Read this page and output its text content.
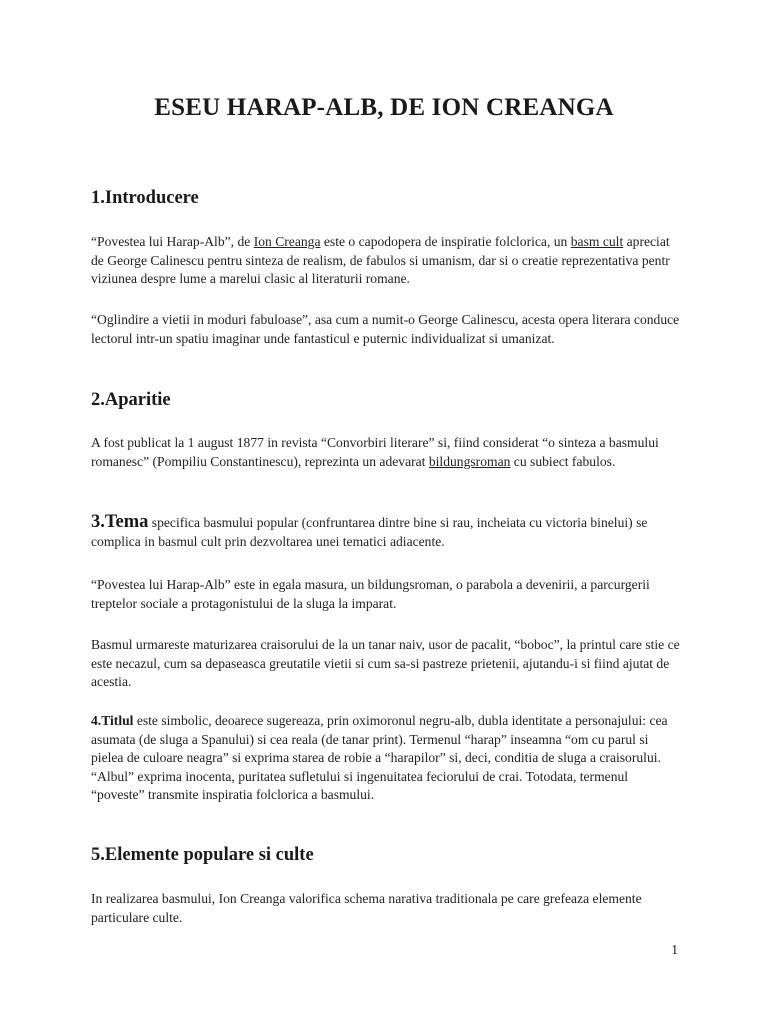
ESEU HARAP-ALB, DE ION CREANGA
1.Introducere

“Povestea lui Harap-Alb”, de Ion Creanga este o capodopera de inspiratie folclorica, un basm cult apreciat de George Calinescu pentru sinteza de realism, de fabulos si umanism, dar si o creatie reprezentativa pentr viziunea despre lume a marelui clasic al literaturii romane.

“Oglindire a vietii in moduri fabuloase”, asa cum a numit-o George Calinescu, acesta opera literara conduce lectorul intr-un spatiu imaginar unde fantasticul e puternic individualizat si umanizat.

2.Aparitie

A fost publicat la 1 august 1877 in revista “Convorbiri literare” si, fiind considerat “o sinteza a basmului romanesc” (Pompiliu Constantinescu), reprezinta un adevarat bildungsroman cu subiect fabulos.

3.Tema specifica basmului popular (confruntarea dintre bine si rau, incheiata cu victoria binelui) se complica in basmul cult prin dezvoltarea unei tematici adiacente.

“Povestea lui Harap-Alb” este in egala masura, un bildungsroman, o parabola a devenirii, a parcurgerii treptelor sociale a protagonistului de la sluga la imparat.

Basmul urmareste maturizarea craisorului de la un tanar naiv, usor de pacalit, “boboc”, la printul care stie ce este necazul, cum sa depaseasca greutatile vietii si cum sa-si pastreze prietenii, ajutandu-i si fiind ajutat de acestia.

4.Titlul este simbolic, deoarece sugereaza, prin oximoronul negru-alb, dubla identitate a personajului: cea asumata (de sluga a Spanului) si cea reala (de tanar print). Termenul “harap” inseamna “om cu parul si pielea de culoare neagra” si exprima starea de robie a “harapilor” si, deci, conditia de sluga a craisorului. “Albul” exprima inocenta, puritatea sufletului si ingenuitatea feciorului de crai. Totodata, termenul “poveste” transmite inspiratia folclorica a basmului.

5.Elemente populare si culte

In realizarea basmului, Ion Creanga valorifica schema narativa traditionala pe care grefeaza elemente particulare culte.

1
